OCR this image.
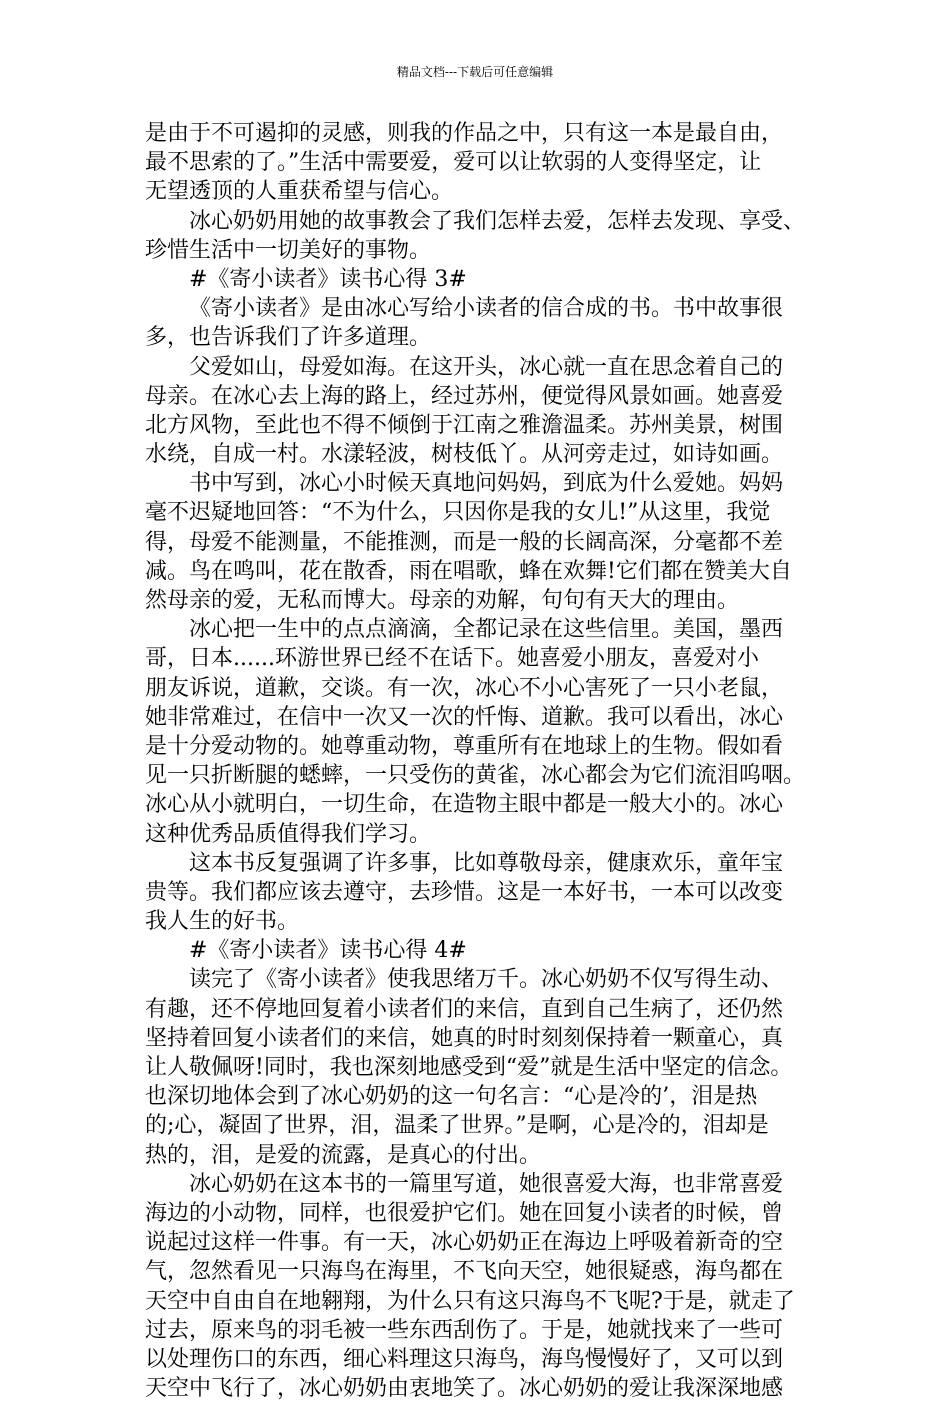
精品文档---下载后可任意编辑
是由于不可遏抑的灵感，则我的作品之中，只有这一本是最自由，
最不思索的了。”生活中需要爱，爱可以让软弱的人变得坚定，让
无望透顶的人重获希望与信心。
冰心奶奶用她的故事教会了我们怎样去爱，怎样去发现、享受、
珍惜生活中一切美好的事物。
#《寄小读者》读书心得 3#
《寄小读者》是由冰心写给小读者的信合成的书。书中故事很
多，也告诉我们了许多道理。
父爱如山，母爱如海。在这开头，冰心就一直在思念着自己的
母亲。在冰心去上海的路上，经过苏州，便觉得风景如画。她喜爱
北方风物，至此也不得不倾倒于江南之雅澹温柔。苏州美景，树围
水绕，自成一村。水漾轻波，树枝低丫。从河旁走过，如诗如画。
书中写到，冰心小时候天真地问妈妈，到底为什么爱她。妈妈
毫不迟疑地回答：“不为什么，只因你是我的女儿!”从这里，我觉
得，母爱不能测量，不能推测，而是一般的长阔高深，分毫都不差
减。鸟在鸣叫，花在散香，雨在唱歌，蜂在欢舞!它们都在赞美大自
然母亲的爱，无私而博大。母亲的劝解，句句有天大的理由。
冰心把一生中的点点滴滴，全都记录在这些信里。美国，墨西
哥，日本......环游世界已经不在话下。她喜爱小朋友，喜爱对小
朋友诉说，道歉，交谈。有一次，冰心不小心害死了一只小老鼠，
她非常难过，在信中一次又一次的忏悔、道歉。我可以看出，冰心
是十分爱动物的。她尊重动物，尊重所有在地球上的生物。假如看
见一只折断腿的蟋蟀，一只受伤的黄雀，冰心都会为它们流泪呜咽。
冰心从小就明白，一切生命，在造物主眼中都是一般大小的。冰心
这种优秀品质值得我们学习。
这本书反复强调了许多事，比如尊敬母亲，健康欢乐，童年宝
贵等。我们都应该去遵守，去珍惜。这是一本好书，一本可以改变
我人生的好书。
#《寄小读者》读书心得 4#
读完了《寄小读者》使我思绪万千。冰心奶奶不仅写得生动、
有趣，还不停地回复着小读者们的来信，直到自己生病了，还仍然
坚持着回复小读者们的来信，她真的时时刻刻保持着一颗童心，真
让人敬佩呀!同时，我也深刻地感受到“爱”就是生活中坚定的信念。
也深切地体会到了冰心奶奶的这一句名言：“心是冷的’，泪是热
的;心，凝固了世界，泪，温柔了世界。”是啊，心是冷的，泪却是
热的，泪，是爱的流露，是真心的付出。
冰心奶奶在这本书的一篇里写道，她很喜爱大海，也非常喜爱
海边的小动物，同样，也很爱护它们。她在回复小读者的时候，曾
说起过这样一件事。有一天，冰心奶奶正在海边上呼吸着新奇的空
气，忽然看见一只海鸟在海里，不飞向天空，她很疑惑，海鸟都在
天空中自由自在地翱翔，为什么只有这只海鸟不飞呢?于是，就走了
过去，原来鸟的羽毛被一些东西刮伤了。于是，她就找来了一些可
以处理伤口的东西，细心料理这只海鸟，海鸟慢慢好了，又可以到
天空中飞行了，冰心奶奶由衷地笑了。冰心奶奶的爱让我深深地感
